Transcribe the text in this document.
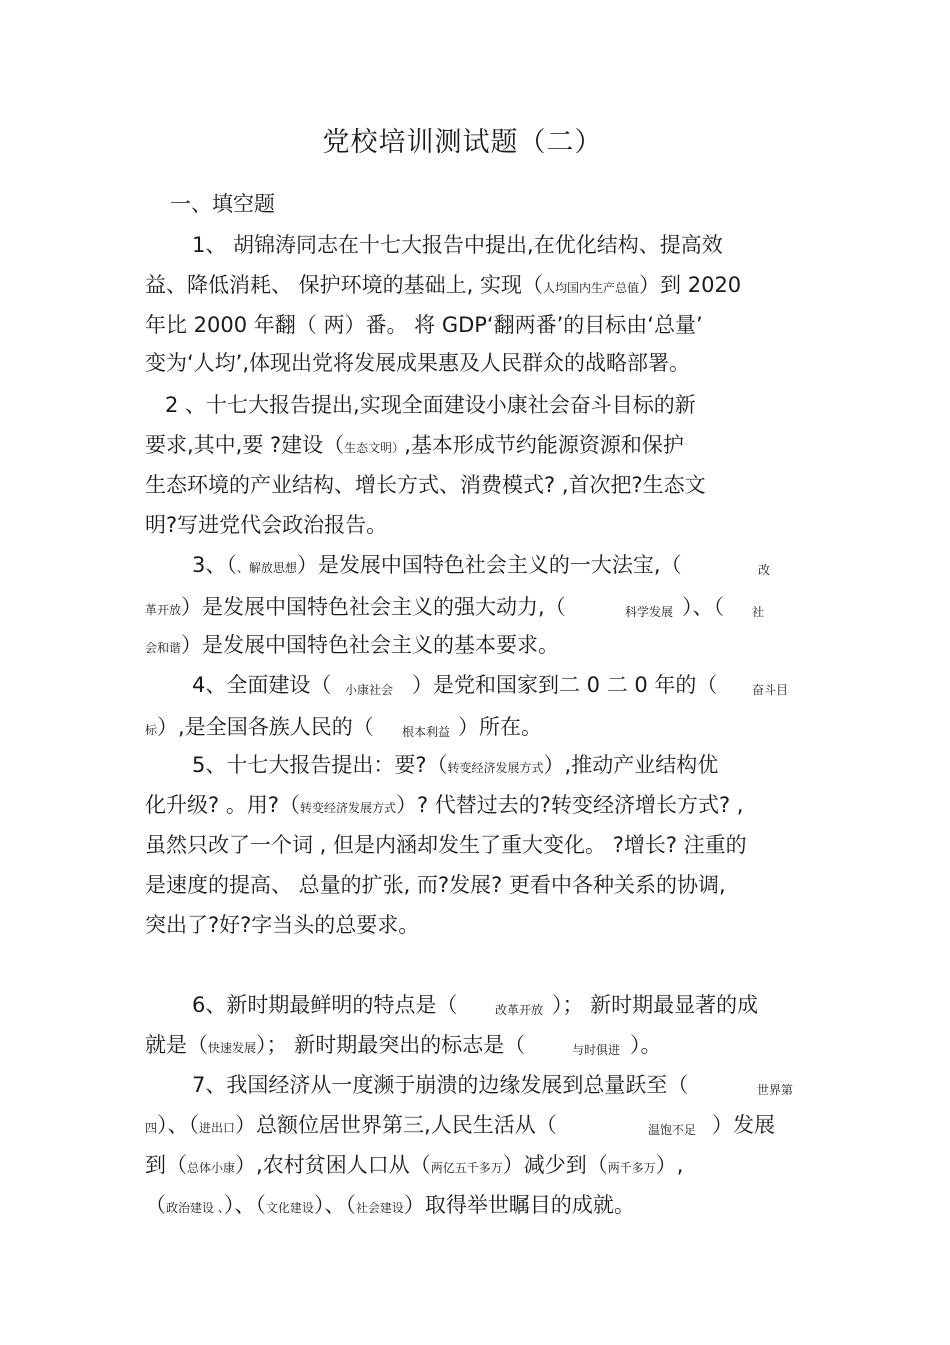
党校培训测试题（二）
一、填空题
1、 胡锦涛同志在十七大报告中提出,在优化结构、提高效
益、降低消耗、 保护环境的基础上, 实现（人均国内生产总值）到 2020
年比 2000 年翻（ 两）番。 将 GDP‘翻两番’的目标由‘总量’
变为‘人均’,体现出党将发展成果惠及人民群众的战略部署。
2 、十七大报告提出,实现全面建设小康社会奋斗目标的新
要求,其中,要 ?建设（生态文明）,基本形成节约能源资源和保护
生态环境的产业结构、增长方式、消费模式? ,首次把?生态文
明?写进党代会政治报告。
3、（、解放思想）是发展中国特色社会主义的一大法宝,（	改
革开放）是发展中国特色社会主义的强大动力,（	科学发展 ）、（ 社
会和谐）是发展中国特色社会主义的基本要求。
4、全面建设（ 小康社会 ）是党和国家到二 0 二 0 年的（	奋斗目
标）,是全国各族人民的（ 根本利益 ）所在。
5、十七大报告提出：要?（转变经济发展方式）,推动产业结构优
化升级? 。用?（转变经济发展方式）? 代替过去的?转变经济增长方式? ,
虽然只改了一个词 , 但是内涵却发生了重大变化。 ?增长? 注重的
是速度的提高、 总量的扩张, 而?发展? 更看中各种关系的协调,
突出了?好?字当头的总要求。
6、新时期最鲜明的特点是（	改革开放 ）； 新时期最显著的成
就是（快速发展）； 新时期最突出的标志是（	与时俱进 ）。
7、我国经济从一度濒于崩溃的边缘发展到总量跃至（	世界第
四）、（进出口）总额位居世界第三,人民生活从（	温饱不足 ）发展
到（总体小康）,农村贫困人口从（两亿五千多万）减少到（两千多万）,
（政治建设 、）、（文化建设）、（社会建设）取得举世瞩目的成就。
